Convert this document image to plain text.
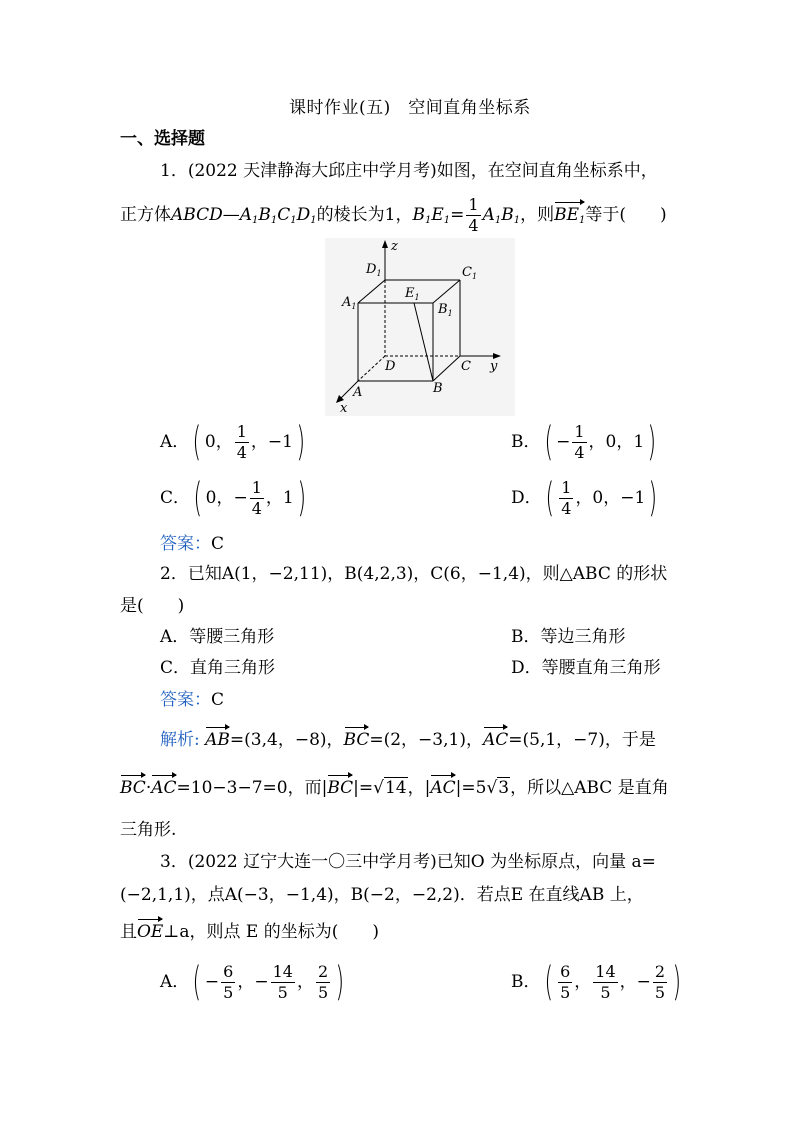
课时作业(五)　空间直角坐标系
一、选择题
1．(2022 天津静海大邱庄中学月考)如图，在空间直角坐标系中，
正方体 ABCD — $A_1B_1C_1D_1$ 的棱长为1， $B_1E_1 = \frac{1}{4} A_1B_1$ ，则 $BE_1$ 等于(　　)
z
y
x
$D_1$	$C_1$
$A_1$
$E_1$
$B_1$
D	C
A	B
A． ( 0， $\frac{1}{4}$ ，−1 )	B． ( − $\frac{1}{4}$ ，0，1 )
C． ( 0，− $\frac{1}{4}$ ，1 )	D． ( $\frac{1}{4}$ ，0，−1 )
答案：C
2．已知A(1，−2,11)，B(4,2,3)，C(6，−1,4)，则△ABC 的形状
是(　　)
A．等腰三角形	B．等边三角形
C．直角三角形	D．等腰直角三角形
答案：C
解析: AB=(3,4，−8)，BC=(2，−3,1)，AC=(5,1，−7)，于是
BC·AC=10−3−7=0，而|BC|=√14，|AC|=5√3，所以△ABC 是直角
三角形.
3．(2022 辽宁大连一〇三中学月考)已知O 为坐标原点，向量 a=
(−2,1,1)，点A(−3，−1,4)，B(−2，−2,2)．若点E 在直线AB 上，
且OE⊥a，则点 E 的坐标为(　　)
A． ( − $\frac{6}{5}$ ，− $\frac{14}{5}$ ， $\frac{2}{5}$ )	B． ( $\frac{6}{5}$ ， $\frac{14}{5}$ ，− $\frac{2}{5}$ )
